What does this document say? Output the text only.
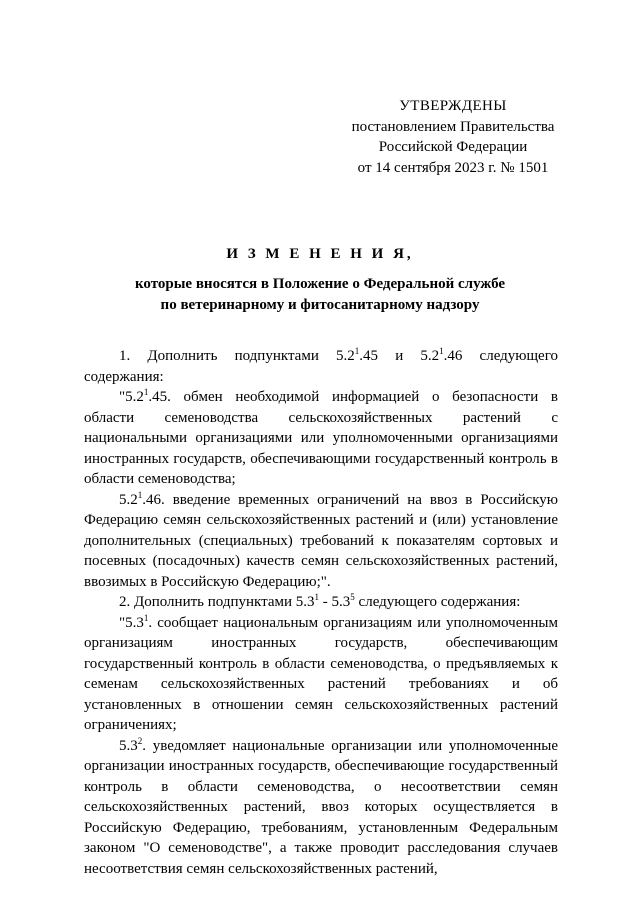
УТВЕРЖДЕНЫ
постановлением Правительства
Российской Федерации
от 14 сентября 2023 г. № 1501
И З М Е Н Е Н И Я,
которые вносятся в Положение о Федеральной службе
по ветеринарному и фитосанитарному надзору

1. Дополнить подпунктами $5.2^1.45$ и $5.2^1.46$ следующего содержания:

"$5.2^1.45$. обмен необходимой информацией о безопасности в области семеноводства сельскохозяйственных растений с национальными организациями или уполномоченными организациями иностранных государств, обеспечивающими государственный контроль в области семеноводства;

$5.2^1.46$. введение временных ограничений на ввоз в Российскую Федерацию семян сельскохозяйственных растений и (или) установление дополнительных (специальных) требований к показателям сортовых и посевных (посадочных) качеств семян сельскохозяйственных растений, ввозимых в Российскую Федерацию;".

2. Дополнить подпунктами $5.3^1 - 5.3^5$ следующего содержания:

"$5.3^1$. сообщает национальным организациям или уполномоченным организациям иностранных государств, обеспечивающим государственный контроль в области семеноводства, о предъявляемых к семенам сельскохозяйственных растений требованиях и об установленных в отношении семян сельскохозяйственных растений ограничениях;

$5.3^2$. уведомляет национальные организации или уполномоченные организации иностранных государств, обеспечивающие государственный контроль в области семеноводства, о несоответствии семян сельскохозяйственных растений, ввоз которых осуществляется в Российскую Федерацию, требованиям, установленным Федеральным законом "О семеноводстве", а также проводит расследования случаев несоответствия семян сельскохозяйственных растений,
